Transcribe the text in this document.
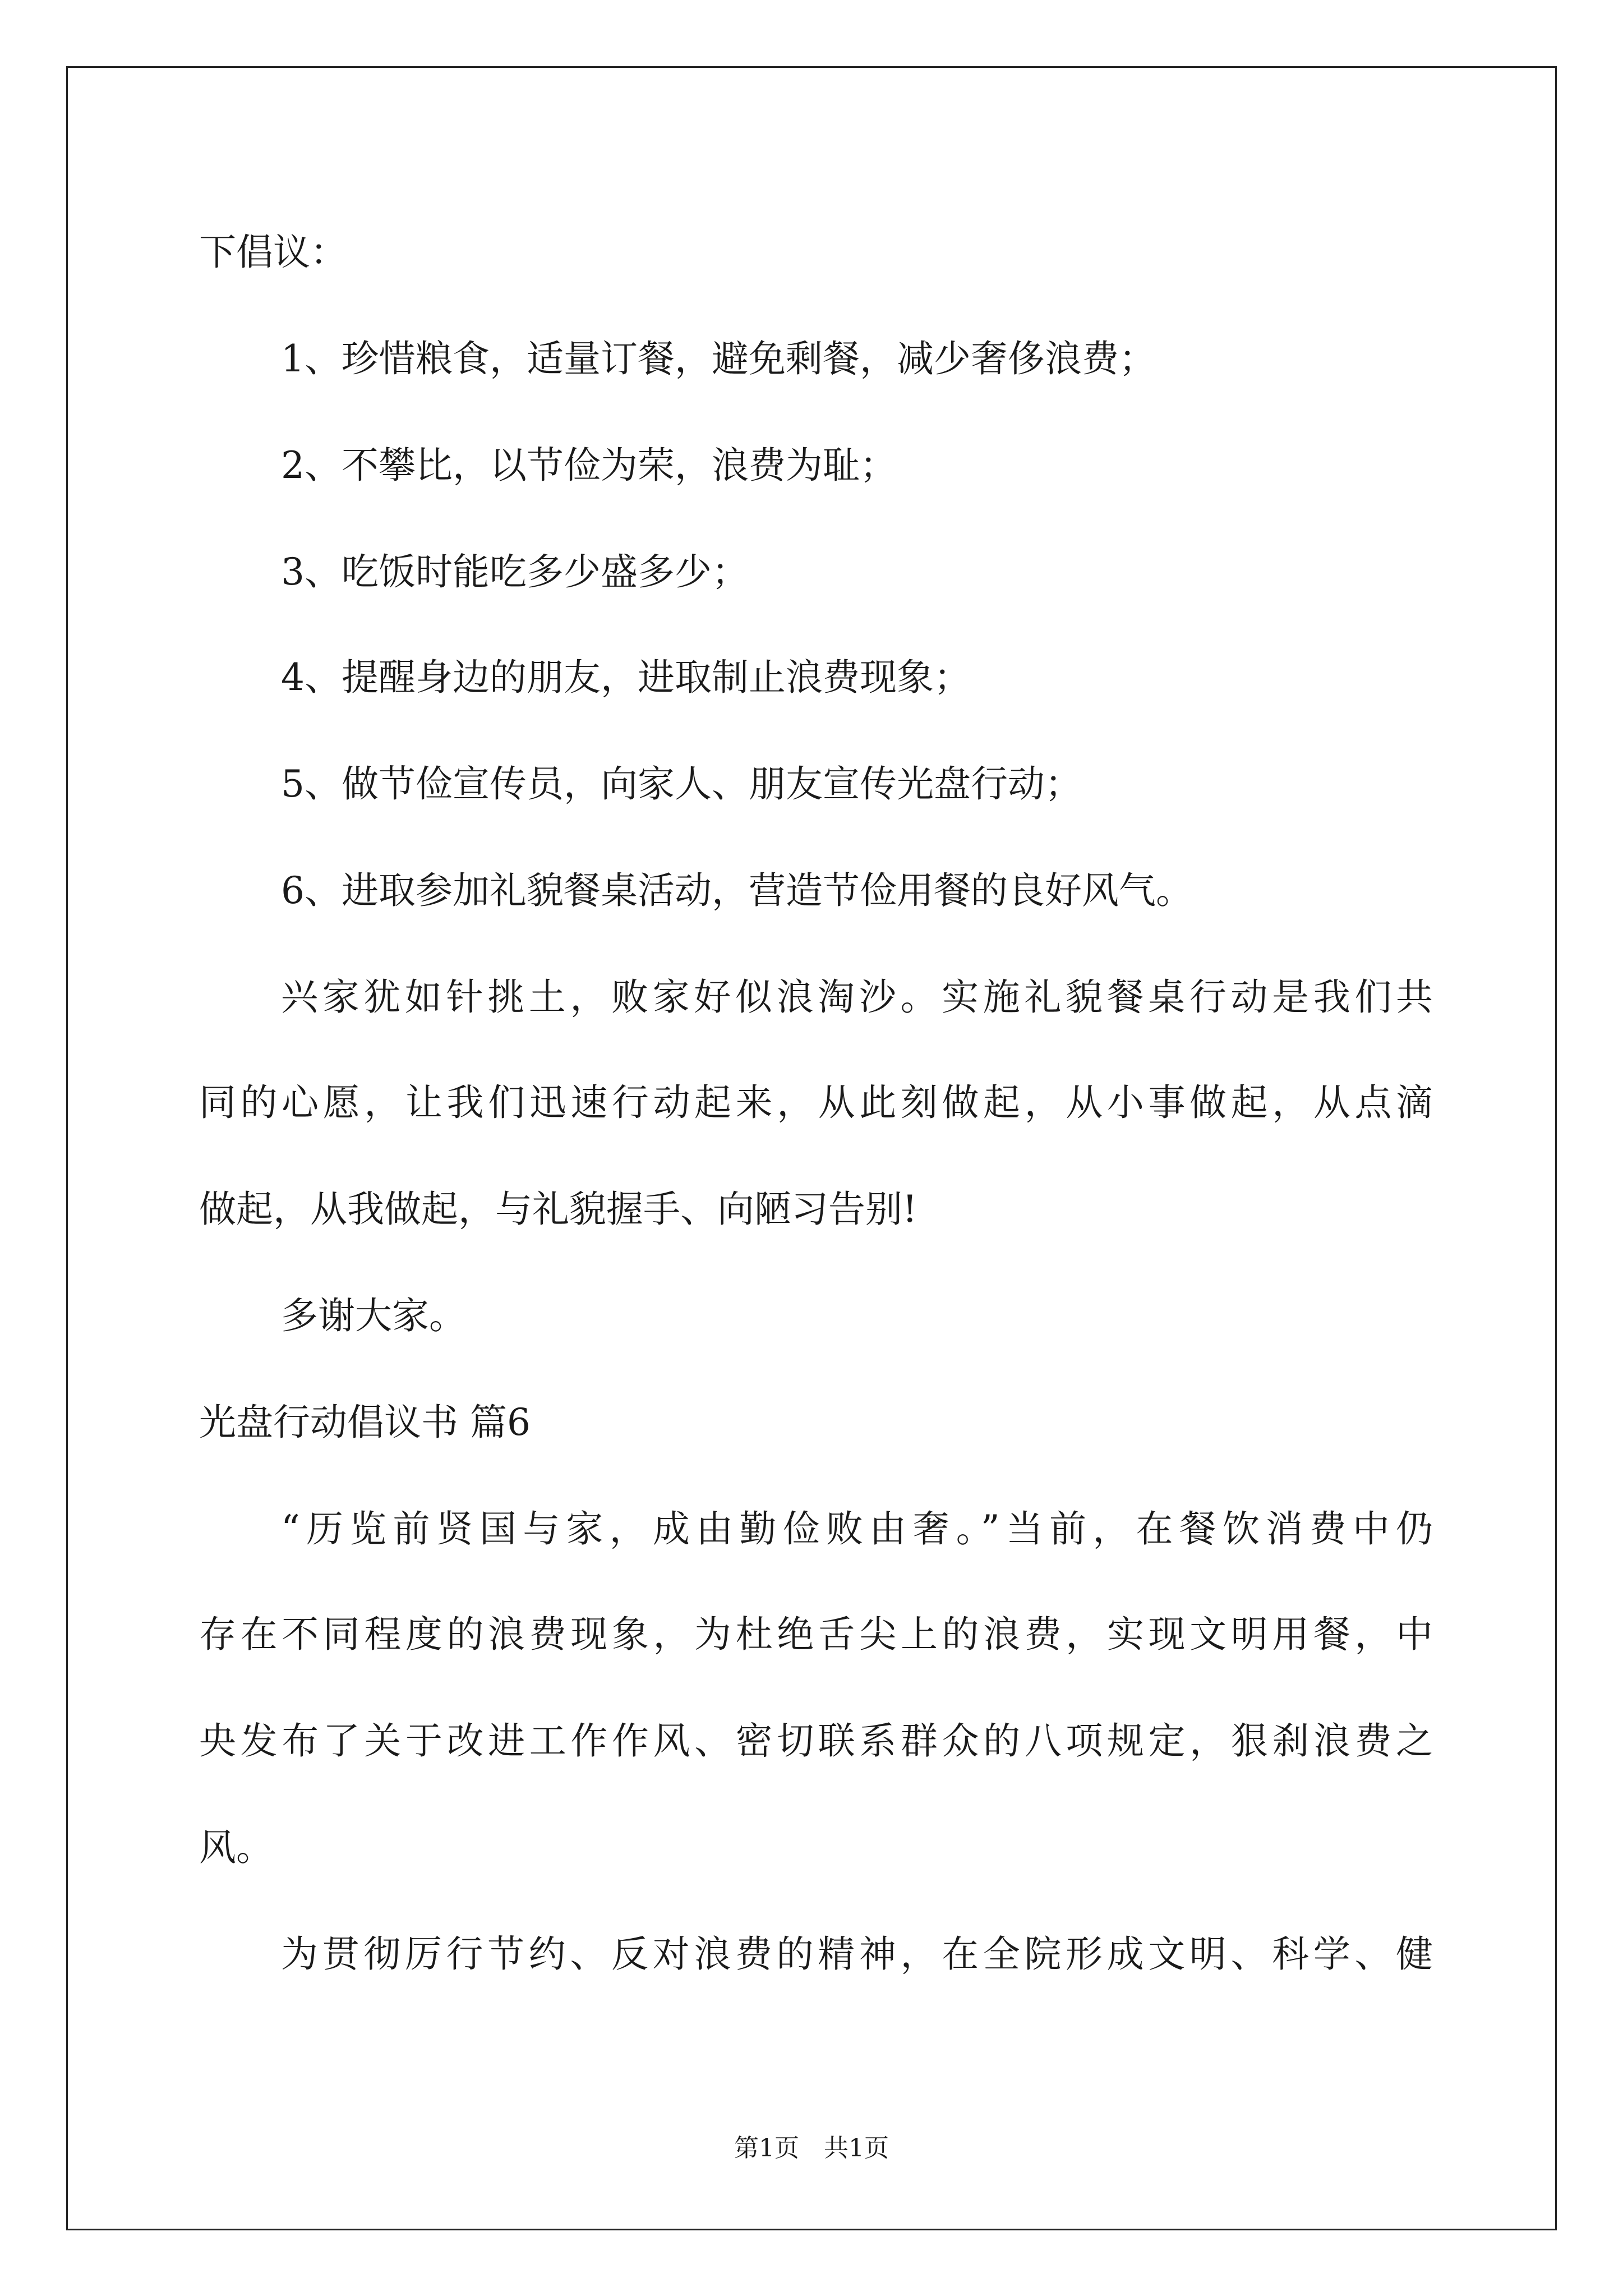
下倡议：
1、珍惜粮食，适量订餐，避免剩餐，减少奢侈浪费；
2、不攀比，以节俭为荣，浪费为耻；
3、吃饭时能吃多少盛多少；
4、提醒身边的朋友，进取制止浪费现象；
5、做节俭宣传员，向家人、朋友宣传光盘行动；
6、进取参加礼貌餐桌活动，营造节俭用餐的良好风气。
兴家犹如针挑土，败家好似浪淘沙。实施礼貌餐桌行动是我们共
同的心愿，让我们迅速行动起来，从此刻做起，从小事做起，从点滴
做起，从我做起，与礼貌握手、向陋习告别!
多谢大家。
光盘行动倡议书 篇6
“历览前贤国与家，成由勤俭败由奢。”当前，在餐饮消费中仍
存在不同程度的浪费现象，为杜绝舌尖上的浪费，实现文明用餐，中
央发布了关于改进工作作风、密切联系群众的八项规定，狠刹浪费之
风。
为贯彻厉行节约、反对浪费的精神，在全院形成文明、科学、健
第1页　共1页
